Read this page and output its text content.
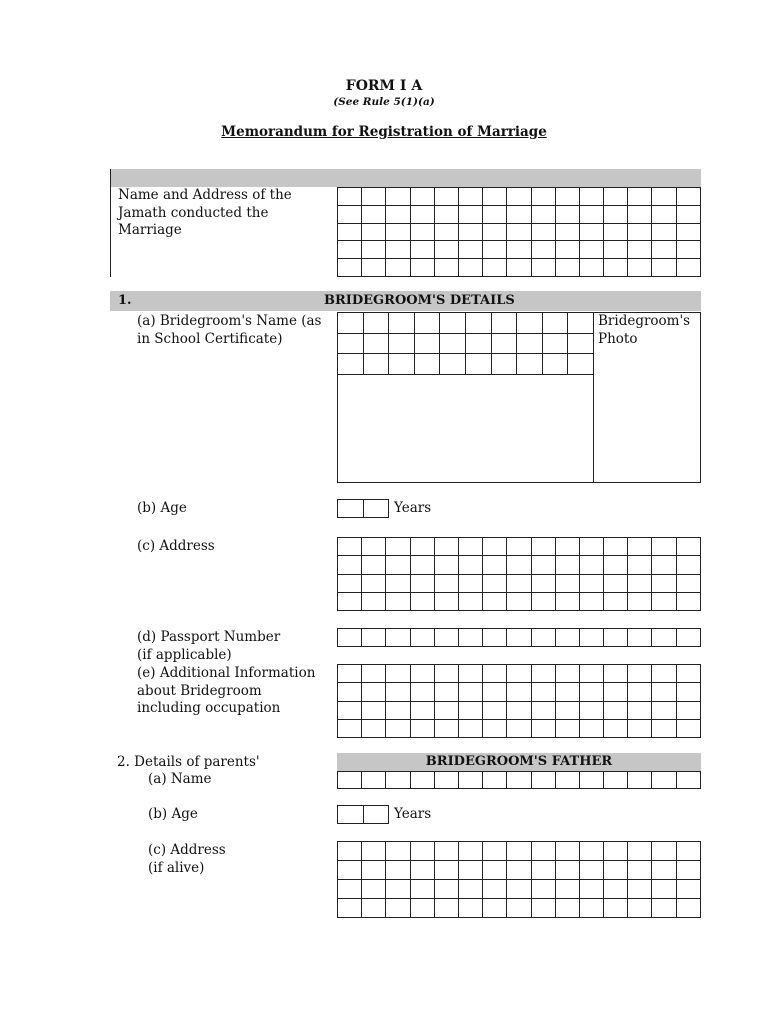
FORM I A
(See Rule 5(1)(a)
Memorandum for Registration of Marriage
Name and Address of the
Jamath conducted the
Marriage

1.	BRIDEGROOM'S DETAILS
(a) Bridegroom's Name (as
in School Certificate)

Bridegroom's
Photo
(b) Age
		Years
(c) Address

(d) Passport Number
(if applicable)

(e) Additional Information
about Bridegroom
including occupation

2. Details of parents'	BRIDEGROOM'S FATHER
(a) Name

(b) Age
		Years
(c) Address
(if alive)
